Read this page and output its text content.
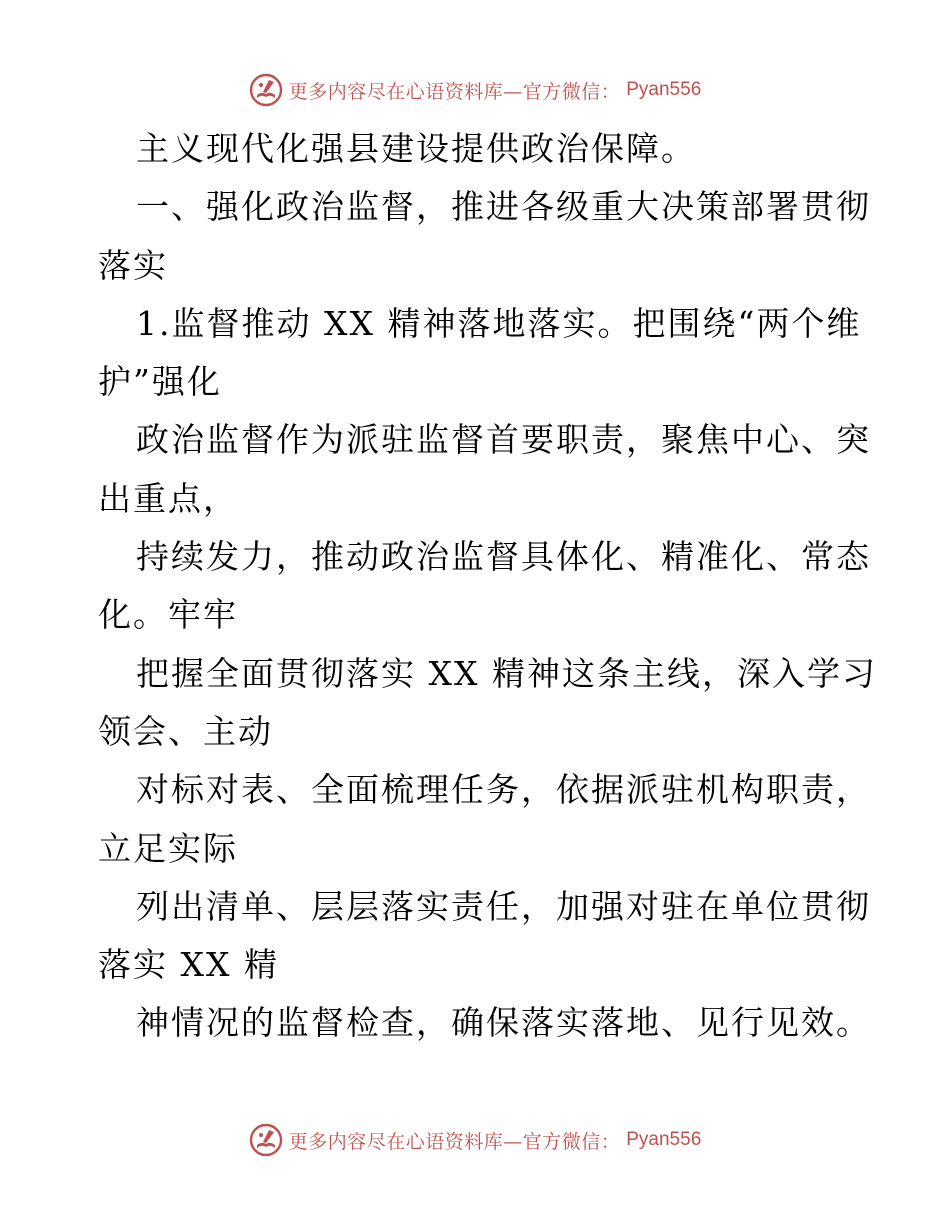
更多内容尽在心语资料库—官方微信： Pyan556
主义现代化强县建设提供政治保障。
一、强化政治监督，推进各级重大决策部署贯彻
落实
1.监督推动 XX 精神落地落实。把围绕“两个维
护”强化
政治监督作为派驻监督首要职责，聚焦中心、突
出重点，
持续发力，推动政治监督具体化、精准化、常态
化。牢牢
把握全面贯彻落实 XX 精神这条主线，深入学习
领会、主动
对标对表、全面梳理任务，依据派驻机构职责，
立足实际
列出清单、层层落实责任，加强对驻在单位贯彻
落实 XX 精
神情况的监督检查，确保落实落地、见行见效。
更多内容尽在心语资料库—官方微信： Pyan556
